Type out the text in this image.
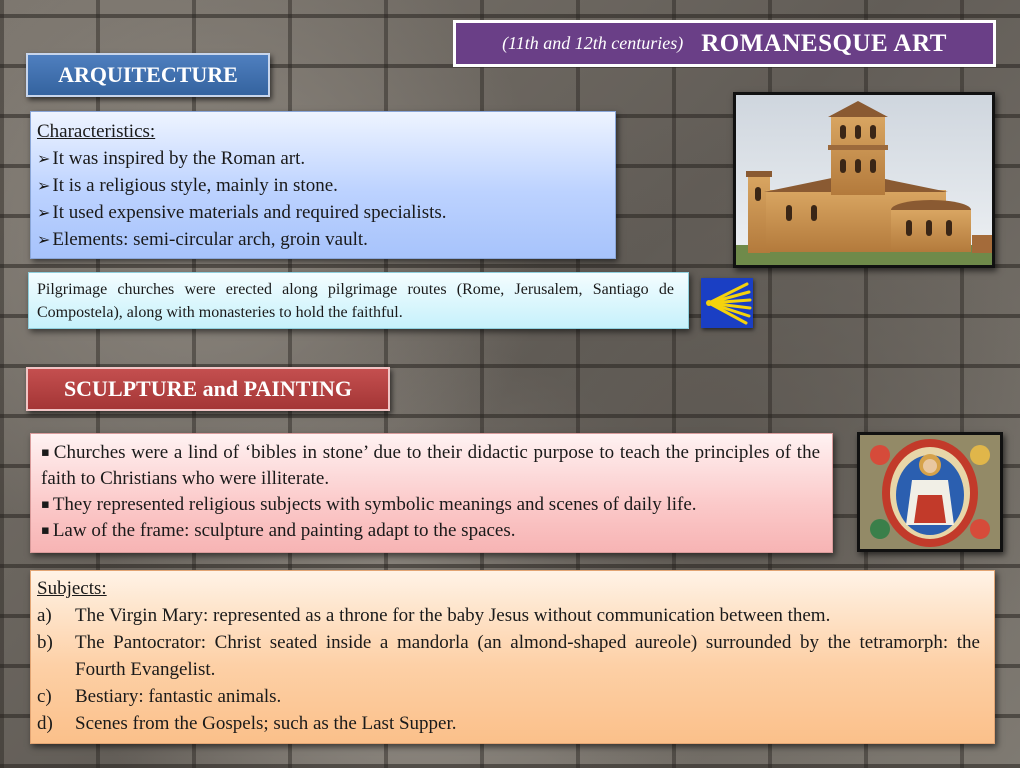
(11th and 12th centuries) ROMANESQUE ART
ARQUITECTURE
Characteristics:
➢ It was inspired by the Roman art.
➢ It is a religious style, mainly in stone.
➢ It used expensive materials and required specialists.
➢ Elements: semi-circular arch, groin vault.
Pilgrimage churches were erected along pilgrimage routes (Rome, Jerusalem, Santiago de Compostela), along with monasteries to hold the faithful.
SCULPTURE and PAINTING
▪ Churches were a lind of ‘bibles in stone’ due to their didactic purpose to teach the principles of the faith to Christians who were illiterate.
▪ They represented religious subjects with symbolic meanings and scenes of daily life.
▪ Law of the frame: sculpture and painting adapt to the spaces.
Subjects:
a)	The Virgin Mary: represented as a throne for the baby Jesus without communication between them.
b)	The Pantocrator: Christ seated inside a mandorla (an almond-shaped aureole) surrounded by the tetramorph: the Fourth Evangelist.
c)	Bestiary: fantastic animals.
d)	Scenes from the Gospels; such as the Last Supper.
